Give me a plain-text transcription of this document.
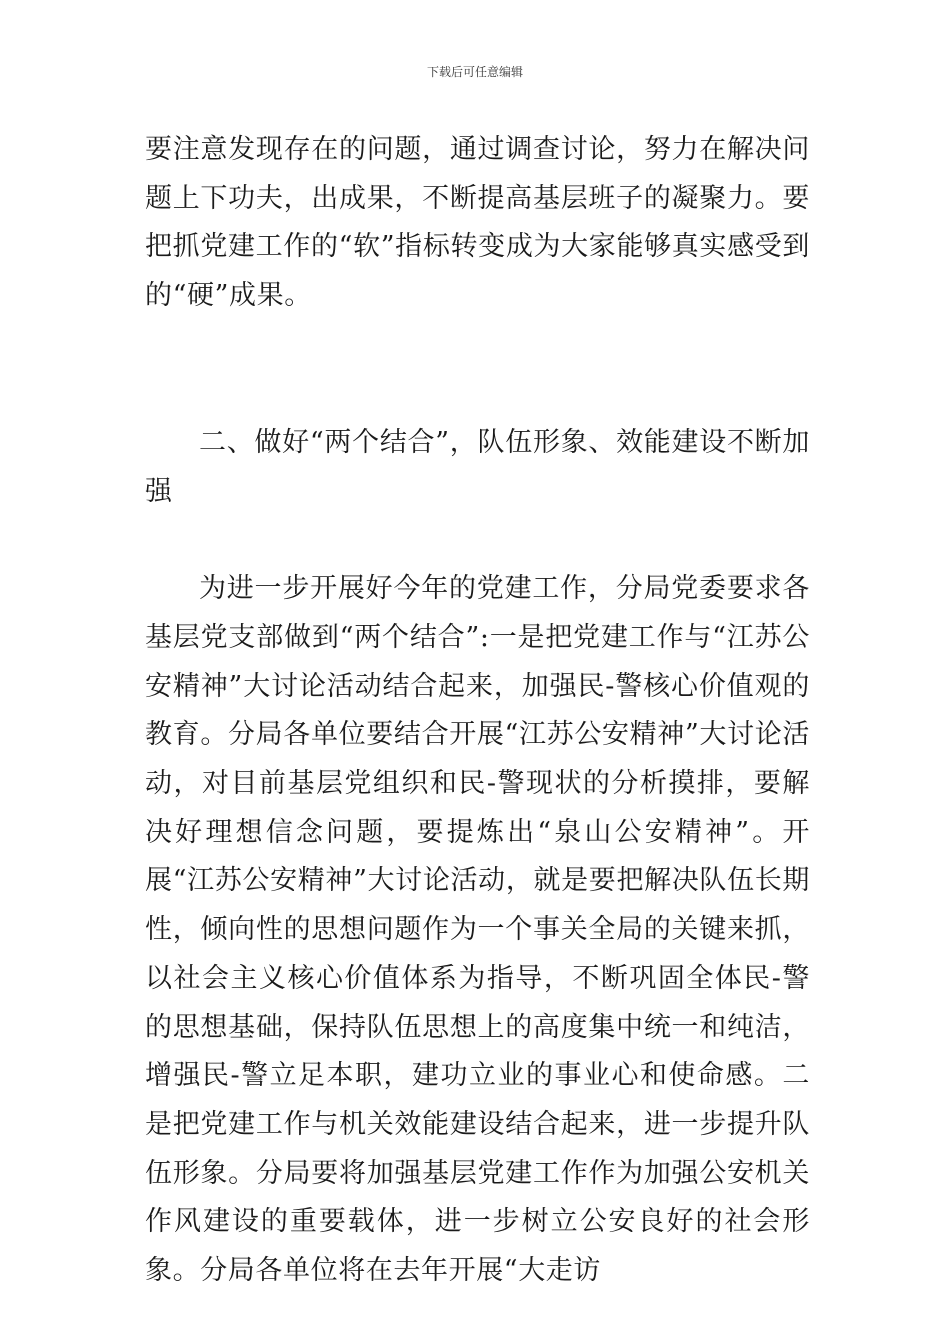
下载后可任意编辑

要注意发现存在的问题，通过调查讨论，努力在解决问题上下功夫，出成果，不断提高基层班子的凝聚力。要把抓党建工作的“软”指标转变成为大家能够真实感受到的“硬”成果。

二、做好“两个结合”，队伍形象、效能建设不断加强

为进一步开展好今年的党建工作，分局党委要求各基层党支部做到“两个结合”:一是把党建工作与“江苏公安精神”大讨论活动结合起来，加强民-警核心价值观的教育。分局各单位要结合开展“江苏公安精神”大讨论活动，对目前基层党组织和民-警现状的分析摸排，要解决好理想信念问题，要提炼出“泉山公安精神”。开展“江苏公安精神”大讨论活动，就是要把解决队伍长期性，倾向性的思想问题作为一个事关全局的关键来抓，以社会主义核心价值体系为指导，不断巩固全体民-警的思想基础，保持队伍思想上的高度集中统一和纯洁，增强民-警立足本职，建功立业的事业心和使命感。二是把党建工作与机关效能建设结合起来，进一步提升队伍形象。分局要将加强基层党建工作作为加强公安机关作风建设的重要载体，进一步树立公安良好的社会形象。分局各单位将在去年开展“大走访
